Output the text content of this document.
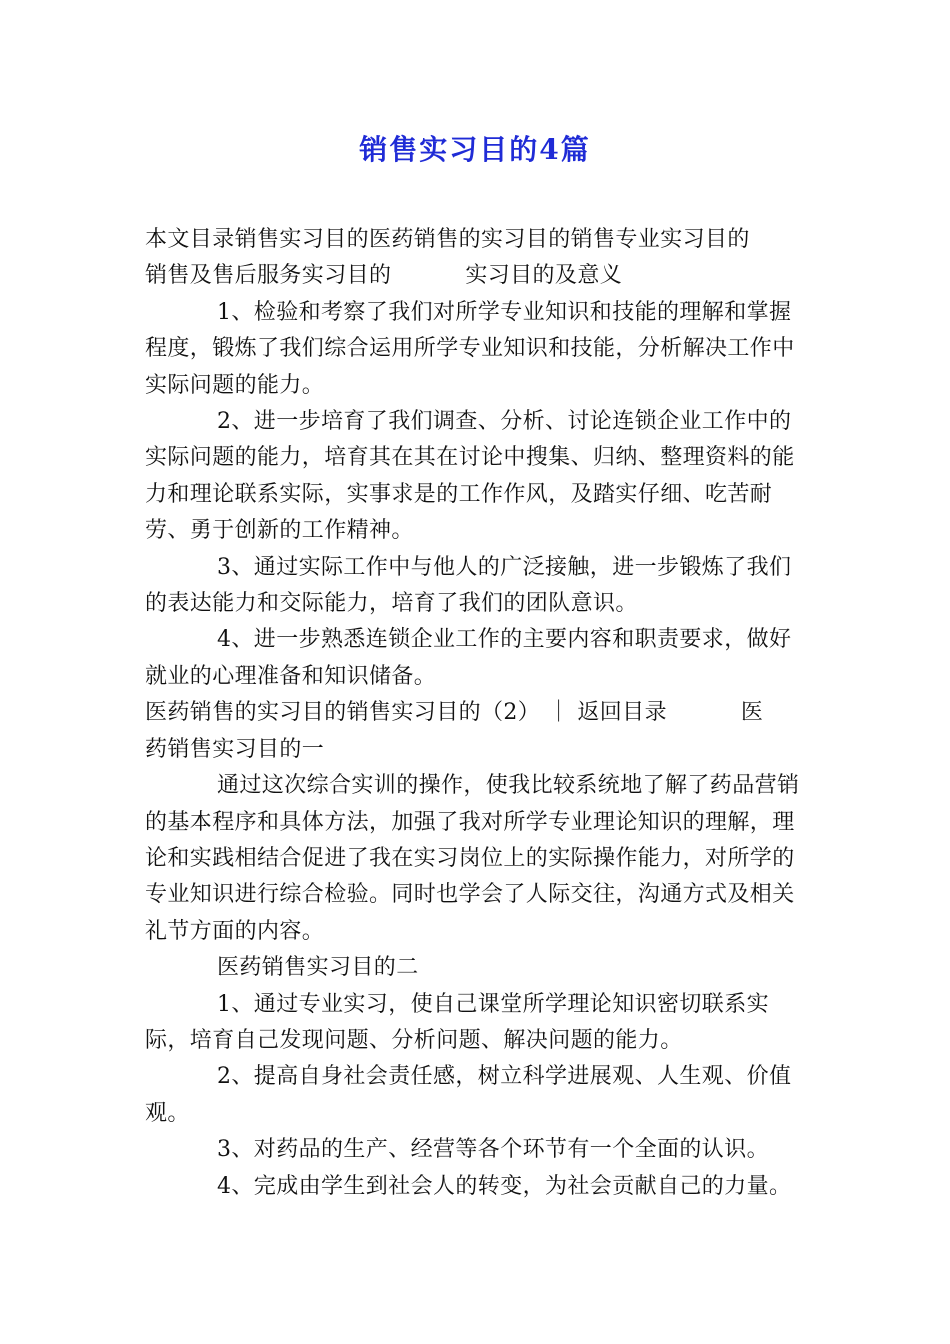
销售实习目的4篇
本文目录销售实习目的医药销售的实习目的销售专业实习目的
销售及售后服务实习目的          实习目的及意义
1、检验和考察了我们对所学专业知识和技能的理解和掌握程度，锻炼了我们综合运用所学专业知识和技能，分析解决工作中实际问题的能力。
2、进一步培育了我们调查、分析、讨论连锁企业工作中的实际问题的能力，培育其在其在讨论中搜集、归纳、整理资料的能力和理论联系实际，实事求是的工作作风，及踏实仔细、吃苦耐劳、勇于创新的工作精神。
3、通过实际工作中与他人的广泛接触，进一步锻炼了我们的表达能力和交际能力，培育了我们的团队意识。
4、进一步熟悉连锁企业工作的主要内容和职责要求，做好就业的心理准备和知识储备。
医药销售的实习目的销售实习目的（2） ｜ 返回目录          医
药销售实习目的一
通过这次综合实训的操作，使我比较系统地了解了药品营销的基本程序和具体方法，加强了我对所学专业理论知识的理解，理论和实践相结合促进了我在实习岗位上的实际操作能力，对所学的专业知识进行综合检验。同时也学会了人际交往，沟通方式及相关礼节方面的内容。
医药销售实习目的二
1、通过专业实习，使自己课堂所学理论知识密切联系实际，培育自己发现问题、分析问题、解决问题的能力。
2、提高自身社会责任感，树立科学进展观、人生观、价值观。
3、对药品的生产、经营等各个环节有一个全面的认识。
4、完成由学生到社会人的转变，为社会贡献自己的力量。
